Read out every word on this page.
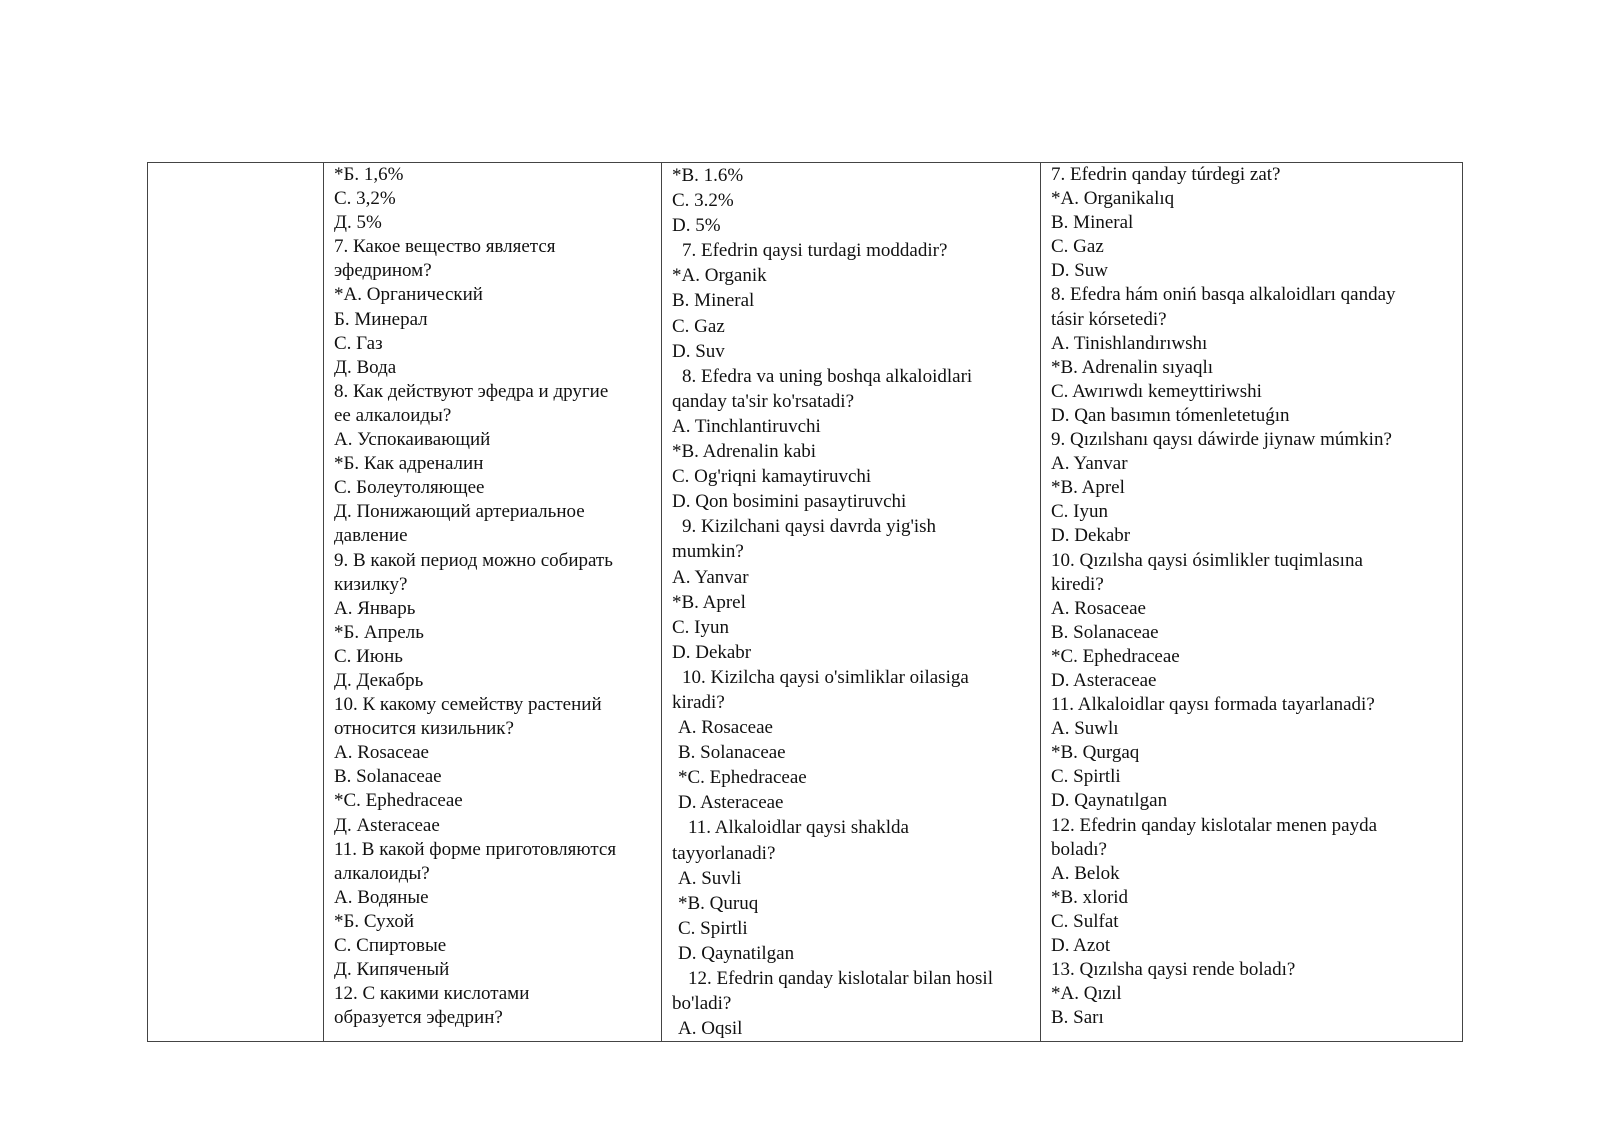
*Б. 1,6%
С. 3,2%
Д. 5%
7. Какое вещество является
эфедрином?
*А. Органический
Б. Минерал
С. Газ
Д. Вода
8. Как действуют эфедра и другие
ее алкалоиды?
А. Успокаивающий
*Б. Как адреналин
С. Болеутоляющее
Д. Понижающий артериальное
давление
9. В какой период можно собирать
кизилку?
А. Январь
*Б. Апрель
С. Июнь
Д. Декабрь
10. К какому семейству растений
относится кизильник?
А. Rosaceae
B. Solanaceae
*C. Ephedraceae
Д. Asteraceae
11. В какой форме приготовляются
алкалоиды?
А. Водяные
*Б. Сухой
С. Спиртовые
Д. Кипяченый
12. С какими кислотами
образуется эфедрин?

*B. 1.6%
C. 3.2%
D. 5%
7. Efedrin qaysi turdagi moddadir?
*A. Organik
B. Mineral
C. Gaz
D. Suv
8. Efedra va uning boshqa alkaloidlari
qanday ta'sir ko'rsatadi?
A. Tinchlantiruvchi
*B. Adrenalin kabi
C. Og'riqni kamaytiruvchi
D. Qon bosimini pasaytiruvchi
9. Kizilchani qaysi davrda yig'ish
mumkin?
A. Yanvar
*B. Aprel
C. Iyun
D. Dekabr
10. Kizilcha qaysi o'simliklar oilasiga
kiradi?
A. Rosaceae
B. Solanaceae
*C. Ephedraceae
D. Asteraceae
11. Alkaloidlar qaysi shaklda
tayyorlanadi?
A. Suvli
*B. Quruq
C. Spirtli
D. Qaynatilgan
12. Efedrin qanday kislotalar bilan hosil
bo'ladi?
A. Oqsil

7. Efedrin qanday túrdegi zat?
*A. Organikalıq
B. Mineral
C. Gaz
D. Suw
8. Efedra hám oniń basqa alkaloidları qanday
tásir kórsetedi?
A. Tinishlandırıwshı
*B. Adrenalin sıyaqlı
C. Awırıwdı kemeyttiriwshi
D. Qan basımın tómenletetuǵın
9. Qızılshanı qaysı dáwirde jiynaw múmkin?
A. Yanvar
*B. Aprel
C. Iyun
D. Dekabr
10. Qızılsha qaysi ósimlikler tuqimlasına
kiredi?
A. Rosaceae
B. Solanaceae
*C. Ephedraceae
D. Asteraceae
11. Alkaloidlar qaysı formada tayarlanadi?
A. Suwlı
*B. Qurgaq
C. Spirtli
D. Qaynatılgan
12. Efedrin qanday kislotalar menen payda
boladı?
A. Belok
*B. xlorid
C. Sulfat
D. Azot
13. Qızılsha qaysi rende boladı?
*A. Qızıl
B. Sarı
